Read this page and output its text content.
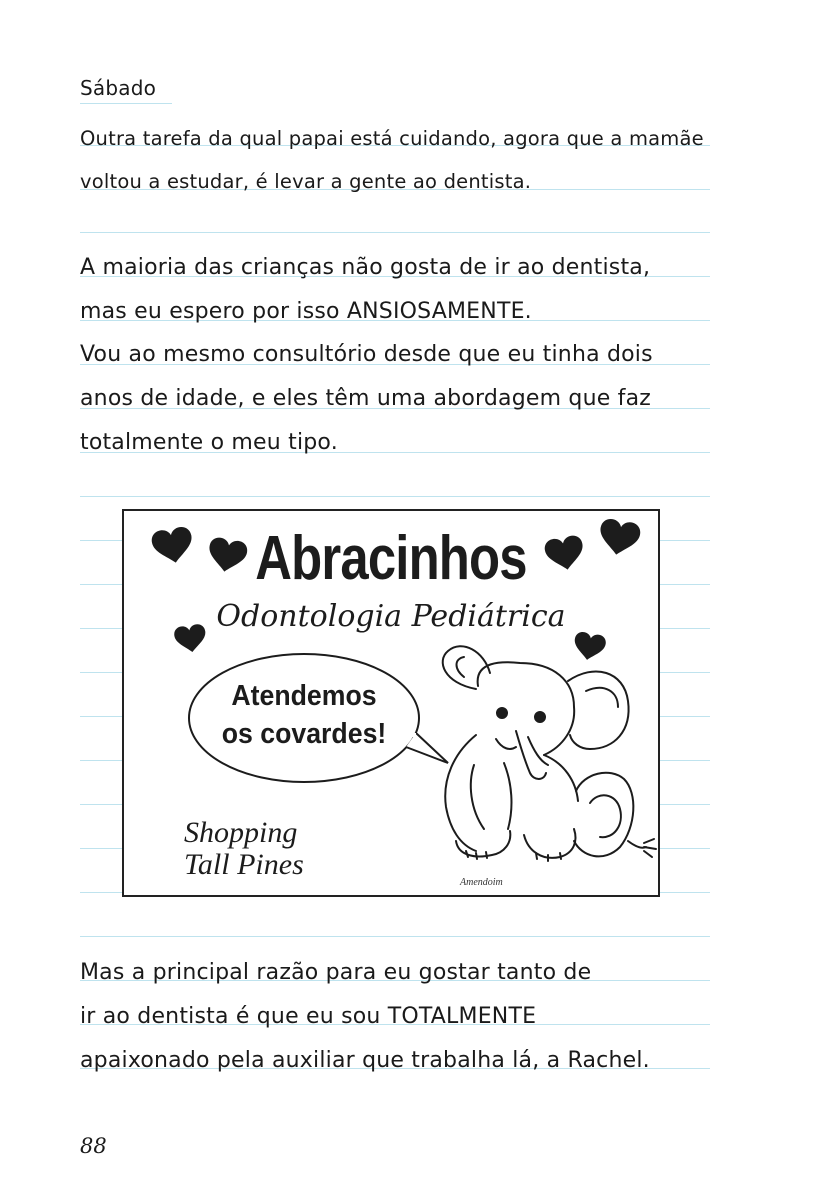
Sábado
Outra tarefa da qual papai está cuidando, agora que a mamãe
voltou a estudar, é levar a gente ao dentista.
A maioria das crianças não gosta de ir ao dentista,
mas eu espero por isso ANSIOSAMENTE.
Vou ao mesmo consultório desde que eu tinha dois
anos de idade, e eles têm uma abordagem que faz
totalmente o meu tipo.
Abracinhos
Odontologia Pediátrica
Atendemos
os covardes!
Shopping
Tall Pines
Amendoim
Mas a principal razão para eu gostar tanto de
ir ao dentista é que eu sou TOTALMENTE
apaixonado pela auxiliar que trabalha lá, a Rachel.
88
